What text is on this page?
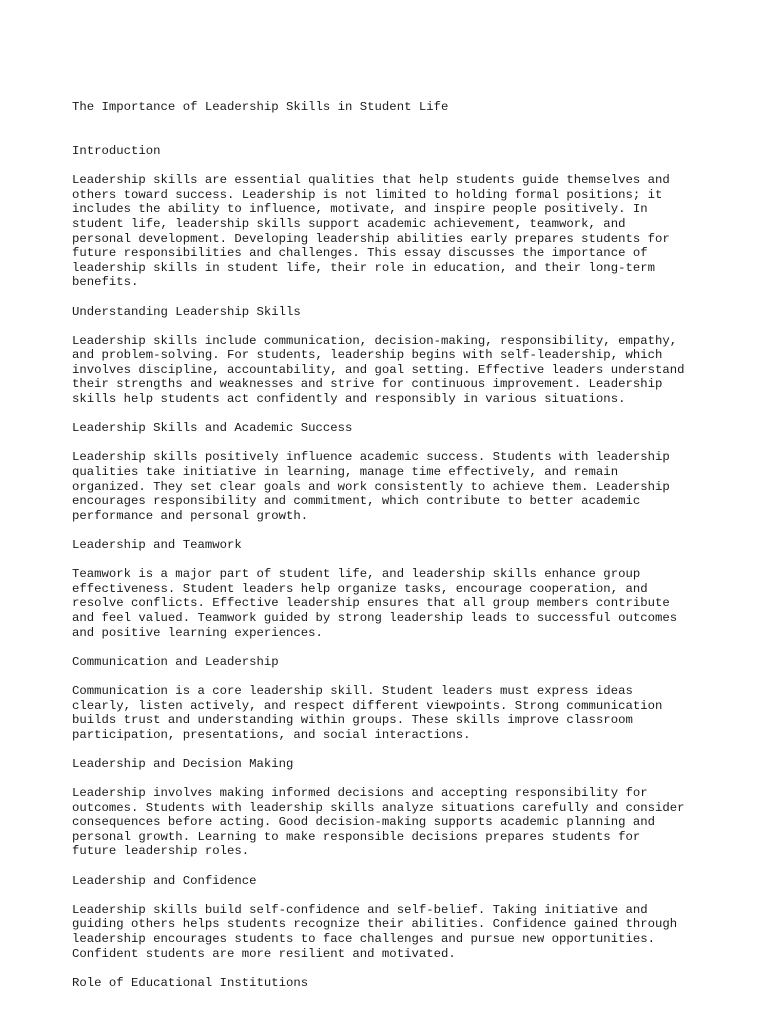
The Importance of Leadership Skills in Student Life

Introduction
Leadership skills are essential qualities that help students guide themselves and
others toward success. Leadership is not limited to holding formal positions; it
includes the ability to influence, motivate, and inspire people positively. In
student life, leadership skills support academic achievement, teamwork, and
personal development. Developing leadership abilities early prepares students for
future responsibilities and challenges. This essay discusses the importance of
leadership skills in student life, their role in education, and their long-term
benefits.
Understanding Leadership Skills
Leadership skills include communication, decision-making, responsibility, empathy,
and problem-solving. For students, leadership begins with self-leadership, which
involves discipline, accountability, and goal setting. Effective leaders understand
their strengths and weaknesses and strive for continuous improvement. Leadership
skills help students act confidently and responsibly in various situations.
Leadership Skills and Academic Success
Leadership skills positively influence academic success. Students with leadership
qualities take initiative in learning, manage time effectively, and remain
organized. They set clear goals and work consistently to achieve them. Leadership
encourages responsibility and commitment, which contribute to better academic
performance and personal growth.
Leadership and Teamwork
Teamwork is a major part of student life, and leadership skills enhance group
effectiveness. Student leaders help organize tasks, encourage cooperation, and
resolve conflicts. Effective leadership ensures that all group members contribute
and feel valued. Teamwork guided by strong leadership leads to successful outcomes
and positive learning experiences.
Communication and Leadership
Communication is a core leadership skill. Student leaders must express ideas
clearly, listen actively, and respect different viewpoints. Strong communication
builds trust and understanding within groups. These skills improve classroom
participation, presentations, and social interactions.
Leadership and Decision Making
Leadership involves making informed decisions and accepting responsibility for
outcomes. Students with leadership skills analyze situations carefully and consider
consequences before acting. Good decision-making supports academic planning and
personal growth. Learning to make responsible decisions prepares students for
future leadership roles.
Leadership and Confidence
Leadership skills build self-confidence and self-belief. Taking initiative and
guiding others helps students recognize their abilities. Confidence gained through
leadership encourages students to face challenges and pursue new opportunities.
Confident students are more resilient and motivated.
Role of Educational Institutions
